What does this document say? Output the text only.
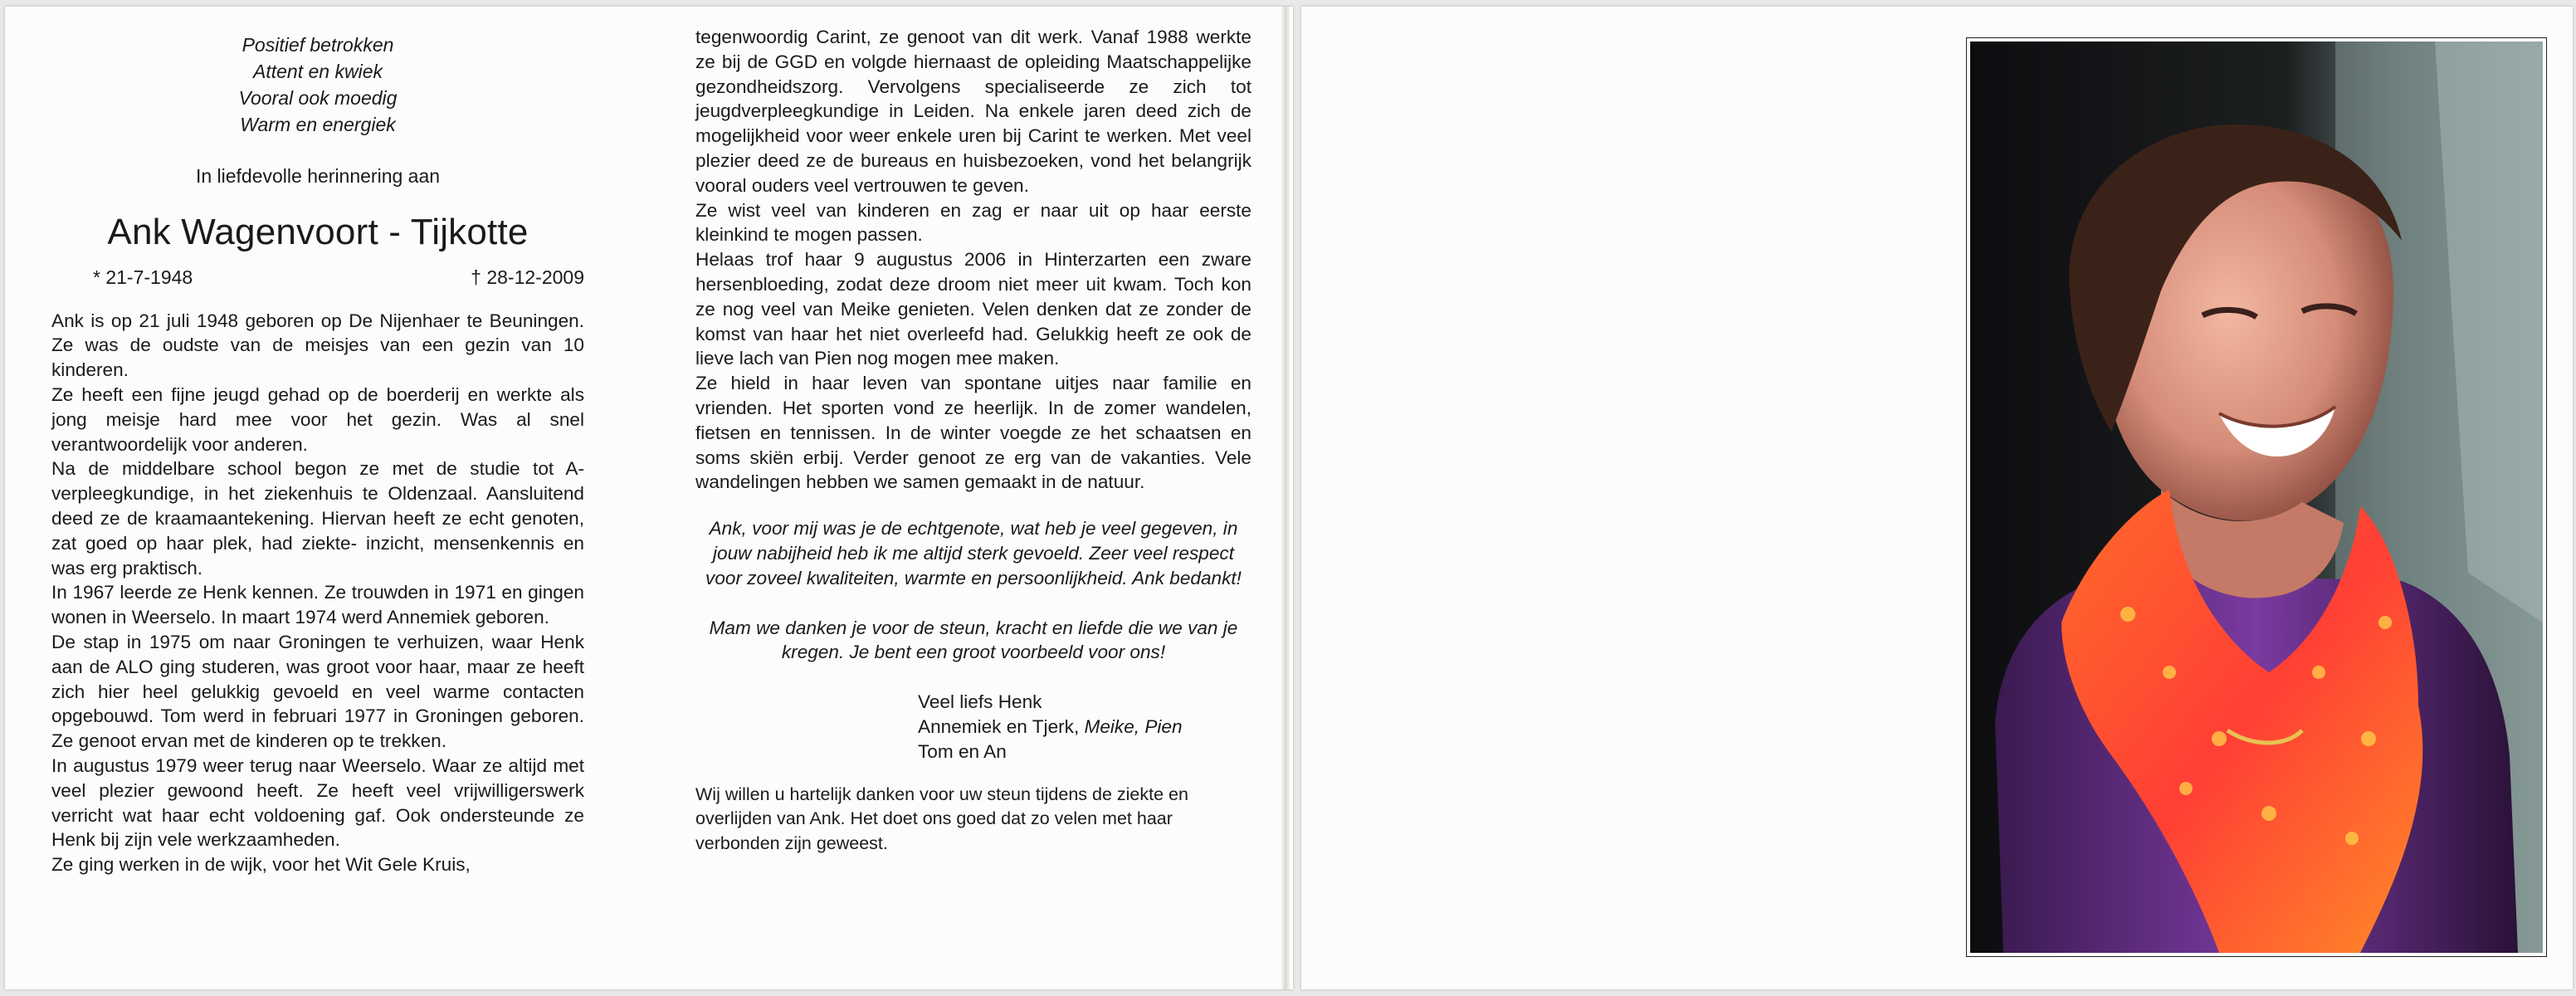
Positief betrokken
Attent en kwiek
Vooral ook moedig
Warm en energiek
In liefdevolle herinnering aan
Ank Wagenvoort - Tijkotte
* 21-7-1948	† 28-12-2009

Ank is op 21 juli 1948 geboren op De Nijenhaer te Beuningen. Ze was de oudste van de meisjes van een gezin van 10 kinderen.

Ze heeft een fijne jeugd gehad op de boerderij en werkte als jong meisje hard mee voor het gezin. Was al snel verantwoordelijk voor anderen.

Na de middelbare school begon ze met de studie tot A-verpleegkundige, in het ziekenhuis te Oldenzaal. Aansluitend deed ze de kraamaantekening. Hiervan heeft ze echt genoten, zat goed op haar plek, had ziekte- inzicht, mensenkennis en was erg praktisch.

In 1967 leerde ze Henk kennen. Ze trouwden in 1971 en gingen wonen in Weerselo. In maart 1974 werd Annemiek geboren.

De stap in 1975 om naar Groningen te verhuizen, waar Henk aan de ALO ging studeren, was groot voor haar, maar ze heeft zich hier heel gelukkig gevoeld en veel warme contacten opgebouwd. Tom werd in februari 1977 in Groningen geboren. Ze genoot ervan met de kinderen op te trekken.

In augustus 1979 weer terug naar Weerselo. Waar ze altijd met veel plezier gewoond heeft. Ze heeft veel vrijwilligerswerk verricht wat haar echt voldoening gaf. Ook ondersteunde ze Henk bij zijn vele werkzaamheden.

Ze ging werken in de wijk, voor het Wit Gele Kruis,

tegenwoordig Carint, ze genoot van dit werk. Vanaf 1988 werkte ze bij de GGD en volgde hiernaast de opleiding Maatschappelijke gezondheidszorg. Vervolgens specialiseerde ze zich tot jeugdverpleegkundige in Leiden. Na enkele jaren deed zich de mogelijkheid voor weer enkele uren bij Carint te werken. Met veel plezier deed ze de bureaus en huisbezoeken, vond het belangrijk vooral ouders veel vertrouwen te geven.

Ze wist veel van kinderen en zag er naar uit op haar eerste kleinkind te mogen passen.

Helaas trof haar 9 augustus 2006 in Hinterzarten een zware hersenbloeding, zodat deze droom niet meer uit kwam. Toch kon ze nog veel van Meike genieten. Velen denken dat ze zonder de komst van haar het niet overleefd had. Gelukkig heeft ze ook de lieve lach van Pien nog mogen mee maken.

Ze hield in haar leven van spontane uitjes naar familie en vrienden. Het sporten vond ze heerlijk. In de zomer wandelen, fietsen en tennissen. In de winter voegde ze het schaatsen en soms skiën erbij. Verder genoot ze erg van de vakanties. Vele wandelingen hebben we samen gemaakt in de natuur.

Ank, voor mij was je de echtgenote, wat heb je veel gegeven, in jouw nabijheid heb ik me altijd sterk gevoeld. Zeer veel respect voor zoveel kwaliteiten, warmte en persoonlijkheid. Ank bedankt!

Mam we danken je voor de steun, kracht en liefde die we van je kregen. Je bent een groot voorbeeld voor ons!

Veel liefs Henk
Annemiek en Tjerk, Meike, Pien
Tom en An
Wij willen u hartelijk danken voor uw steun tijdens de ziekte en overlijden van Ank. Het doet ons goed dat zo velen met haar verbonden zijn geweest.
